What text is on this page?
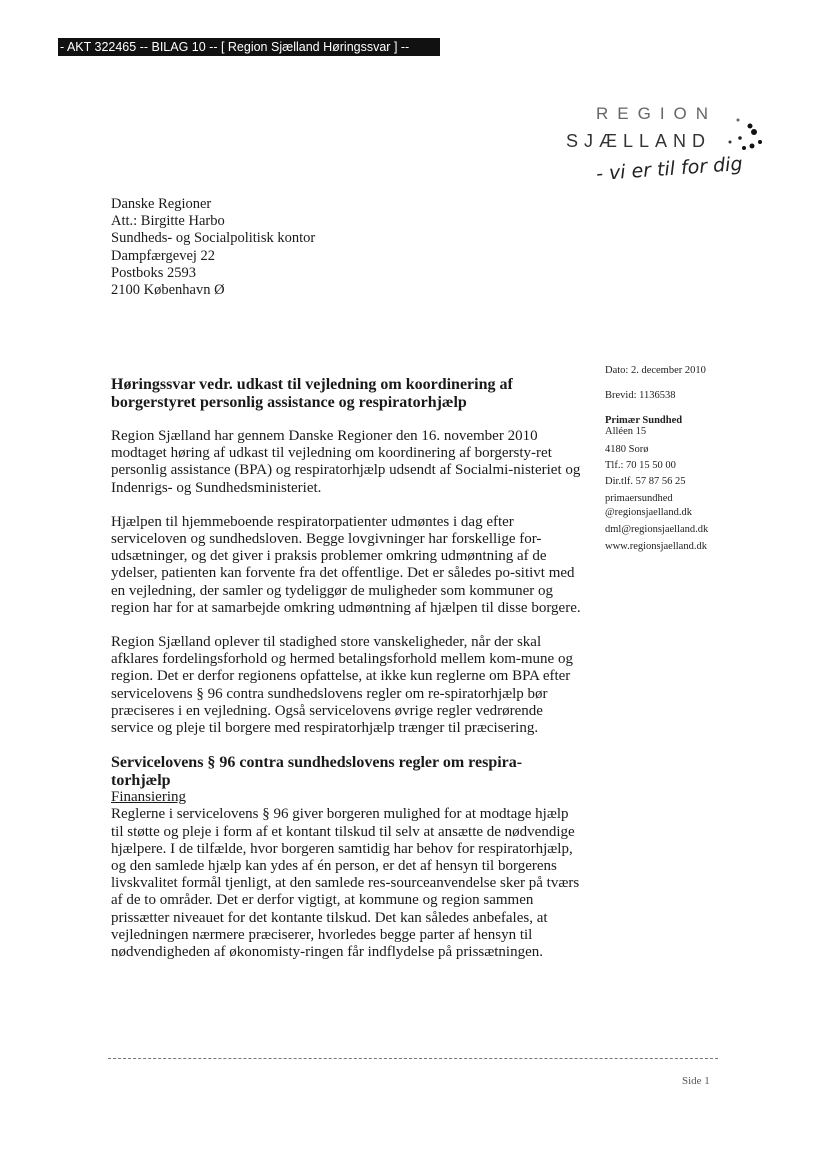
- AKT 322465 -- BILAG 10 -- [ Region Sjælland Høringssvar ] --
REGION
SJÆLLAND
- vi er til for dig
Danske Regioner
Att.: Birgitte Harbo
Sundheds- og Socialpolitisk kontor
Dampfærgevej 22
Postboks 2593
2100 København Ø
Dato: 2. december 2010
Brevid: 1136538
Primær Sundhed
Alléen 15
4180 Sorø
Tlf.: 70 15 50 00
Dir.tlf. 57 87 56 25
primaersundhed
@regionsjaelland.dk
dml@regionsjaelland.dk
www.regionsjaelland.dk
Høringssvar vedr. udkast til vejledning om koordinering af borgerstyret personlig assistance og respiratorhjælp

Region Sjælland har gennem Danske Regioner den 16. november 2010 modtaget høring af udkast til vejledning om koordinering af borgersty-ret personlig assistance (BPA) og respiratorhjælp udsendt af Socialmi-nisteriet og Indenrigs- og Sundhedsministeriet.

Hjælpen til hjemmeboende respiratorpatienter udmøntes i dag efter serviceloven og sundhedsloven. Begge lovgivninger har forskellige for-udsætninger, og det giver i praksis problemer omkring udmøntning af de ydelser, patienten kan forvente fra det offentlige. Det er således po-sitivt med en vejledning, der samler og tydeliggør de muligheder som kommuner og region har for at samarbejde omkring udmøntning af hjælpen til disse borgere.

Region Sjælland oplever til stadighed store vanskeligheder, når der skal afklares fordelingsforhold og hermed betalingsforhold mellem kom-mune og region. Det er derfor regionens opfattelse, at ikke kun reglerne om BPA efter servicelovens § 96 contra sundhedslovens regler om re-spiratorhjælp bør præciseres i en vejledning. Også servicelovens øvrige regler vedrørende service og pleje til borgere med respiratorhjælp trænger til præcisering.

Servicelovens § 96 contra sundhedslovens regler om respira-torhjælp
Finansiering

Reglerne i servicelovens § 96 giver borgeren mulighed for at modtage hjælp til støtte og pleje i form af et kontant tilskud til selv at ansætte de nødvendige hjælpere. I de tilfælde, hvor borgeren samtidig har behov for respiratorhjælp, og den samlede hjælp kan ydes af én person, er det af hensyn til borgerens livskvalitet formål tjenligt, at den samlede res-sourceanvendelse sker på tværs af de to områder. Det er derfor vigtigt, at kommune og region sammen prissætter niveauet for det kontante tilskud. Det kan således anbefales, at vejledningen nærmere præciserer, hvorledes begge parter af hensyn til nødvendigheden af økonomisty-ringen får indflydelse på prissætningen.

Side 1
